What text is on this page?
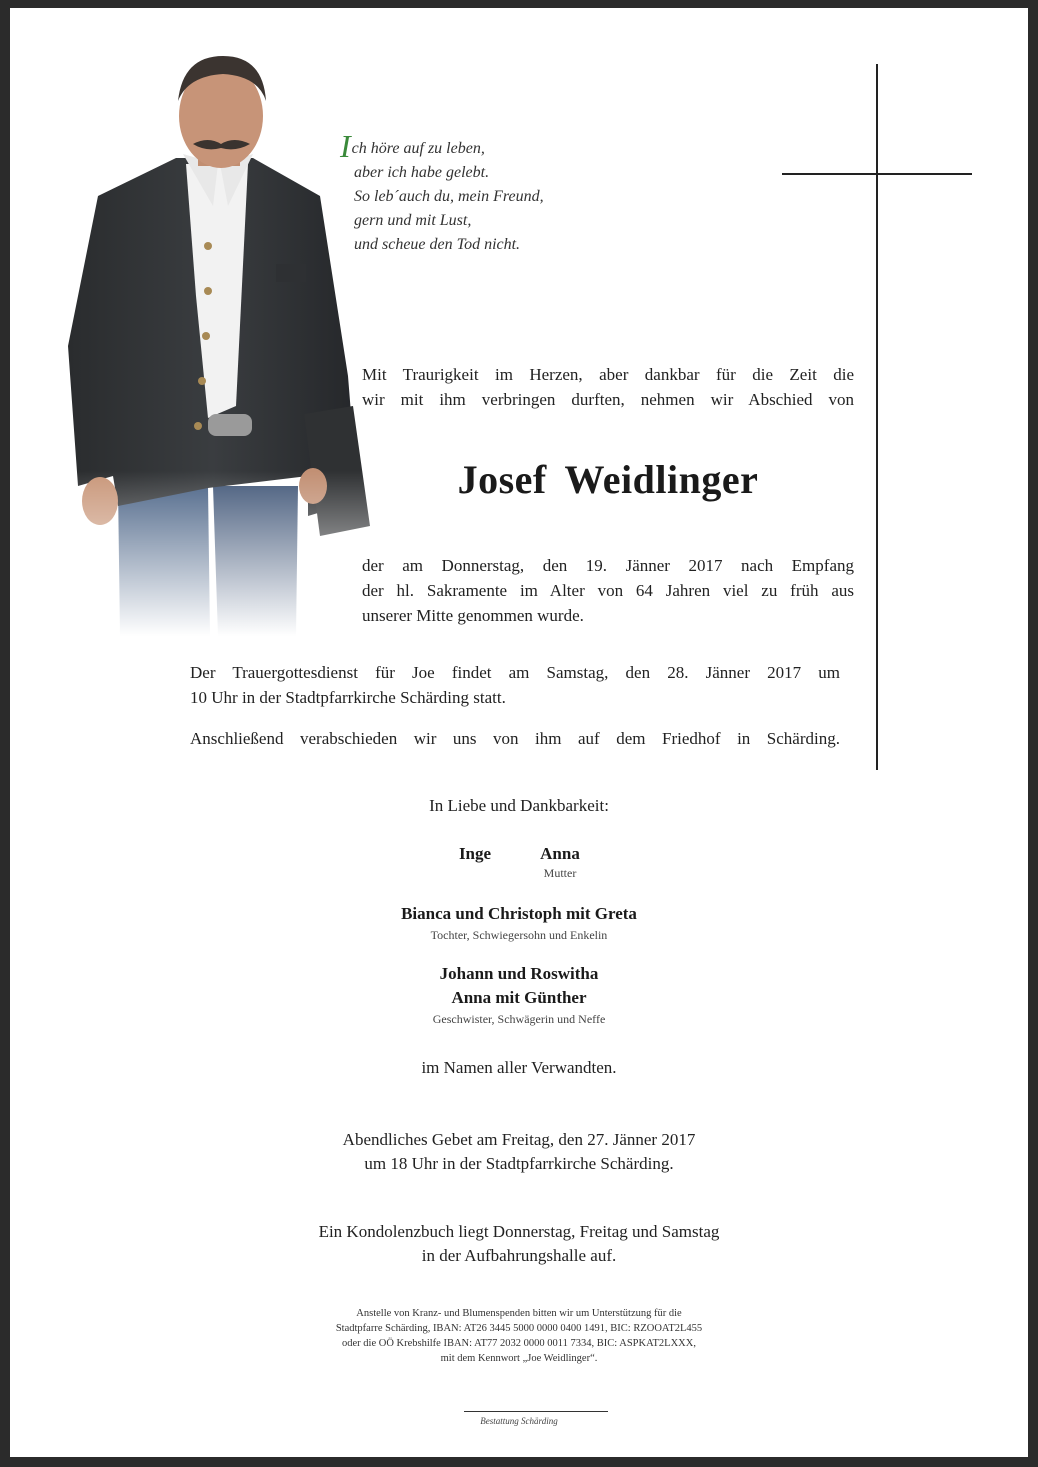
Ich höre auf zu leben,
aber ich habe gelebt.
So leb´auch du, mein Freund,
gern und mit Lust,
und scheue den Tod nicht.

Mit Traurigkeit im Herzen, aber dankbar für die Zeit die

wir mit ihm verbringen durften, nehmen wir Abschied von

Josef Weidlinger

der am Donnerstag, den 19. Jänner 2017 nach Empfang

der hl. Sakramente im Alter von 64 Jahren viel zu früh aus

unserer Mitte genommen wurde.

Der Trauergottesdienst für Joe findet am Samstag, den 28. Jänner 2017 um

10 Uhr in der Stadtpfarrkirche Schärding statt.

Anschließend verabschieden wir uns von ihm auf dem Friedhof in Schärding.
In Liebe und Dankbarkeit:
Inge	Anna
Mutter
Bianca und Christoph mit Greta
Tochter, Schwiegersohn und Enkelin
Johann und Roswitha
Anna mit Günther
Geschwister, Schwägerin und Neffe
im Namen aller Verwandten.
Abendliches Gebet am Freitag, den 27. Jänner 2017
um 18 Uhr in der Stadtpfarrkirche Schärding.
Ein Kondolenzbuch liegt Donnerstag, Freitag und Samstag
in der Aufbahrungshalle auf.
Anstelle von Kranz- und Blumenspenden bitten wir um Unterstützung für die
Stadtpfarre Schärding, IBAN: AT26 3445 5000 0000 0400 1491, BIC: RZOOAT2L455
oder die OÖ Krebshilfe IBAN: AT77 2032 0000 0011 7334, BIC: ASPKAT2LXXX,
mit dem Kennwort „Joe Weidlinger“.
Bestattung Schärding
